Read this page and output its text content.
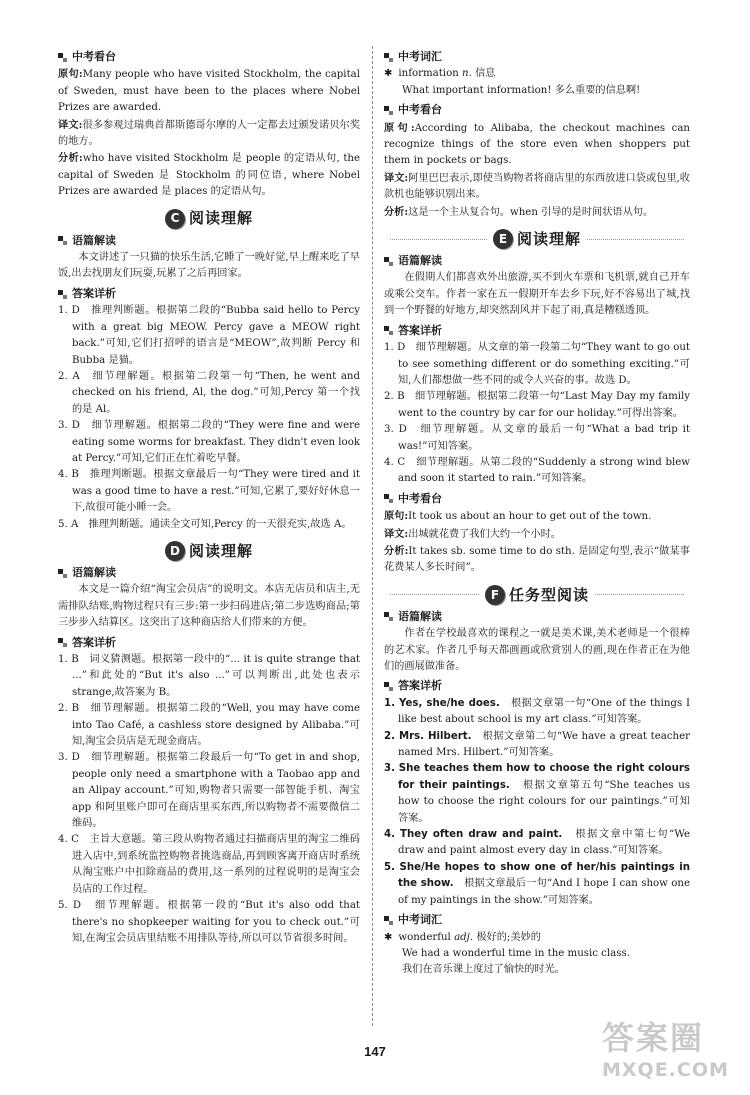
中考看台

原句:Many people who have visited Stockholm, the capital of Sweden, must have been to the places where Nobel Prizes are awarded.

译文:很多参观过瑞典首都斯德哥尔摩的人一定都去过颁发诺贝尔奖的地方。

分析:who have visited Stockholm 是 people 的定语从句, the capital of Sweden 是 Stockholm 的同位语, where Nobel Prizes are awarded 是 places 的定语从句。

C 阅读理解
语篇解读

本文讲述了一只猫的快乐生活,它睡了一晚好觉,早上醒来吃了早饭,出去找朋友们玩耍,玩累了之后再回家。

答案详析

1. D　推理判断题。根据第二段的“Bubba said hello to Percy with a great big MEOW. Percy gave a MEOW right back.”可知,它们打招呼的语言是“MEOW”,故判断 Percy 和 Bubba 是猫。

2. A　细节理解题。根据第二段第一句“Then, he went and checked on his friend, Al, the dog.”可知,Percy 第一个找的是 Al。

3. D　细节理解题。根据第二段的“They were fine and were eating some worms for breakfast. They didn't even look at Percy.”可知,它们正在忙着吃早餐。

4. B　推理判断题。根据文章最后一句“They were tired and it was a good time to have a rest.”可知,它累了,要好好休息一下,故很可能小睡一会。

5. A　推理判断题。通读全文可知,Percy 的一天很充实,故选 A。

D 阅读理解
语篇解读

本文是一篇介绍“淘宝会员店”的说明文。本店无店员和店主,无需排队结账,购物过程只有三步:第一步扫码进店;第二步选购商品;第三步步入结算区。这突出了这种商店给人们带来的方便。

答案详析

1. B　词义猜测题。根据第一段中的“... it is quite strange that ...”和此处的“But it's also ...”可以判断出,此处也表示 strange,故答案为 B。

2. B　细节理解题。根据第二段的“Well, you may have come into Tao Café, a cashless store designed by Alibaba.”可知,淘宝会员店是无现金商店。

3. D　细节理解题。根据第二段最后一句“To get in and shop, people only need a smartphone with a Taobao app and an Alipay account.”可知,购物者只需要一部智能手机、淘宝 app 和阿里账户即可在商店里买东西,所以购物者不需要微信二维码。

4. C　主旨大意题。第三段从购物者通过扫描商店里的淘宝二维码进入店中,到系统监控购物者挑选商品,再到顾客离开商店时系统从淘宝账户中扣除商品的费用,这一系列的过程说明的是淘宝会员店的工作过程。

5. D　细节理解题。根据第一段的“But it's also odd that there's no shopkeeper waiting for you to check out.”可知,在淘宝会员店里结账不用排队等待,所以可以节省很多时间。

中考词汇
✱ information n. 信息

What important information! 多么重要的信息啊!

中考看台

原句:According to Alibaba, the checkout machines can recognize things of the store even when shoppers put them in pockets or bags.

译文:阿里巴巴表示,即使当购物者将商店里的东西放进口袋或包里,收款机也能够识别出来。

分析:这是一个主从复合句。when 引导的是时间状语从句。

E 阅读理解
语篇解读

在假期人们都喜欢外出旅游,买不到火车票和飞机票,就自己开车或乘公交车。作者一家在五一假期开车去乡下玩,好不容易出了城,找到一个野餐的好地方,却突然刮风并下起了雨,真是糟糕透顶。

答案详析

1. D　细节理解题。从文章的第一段第二句“They want to go out to see something different or do something exciting.”可知,人们都想做一些不同的或令人兴奋的事。故选 D。

2. B　细节理解题。根据第二段第一句“Last May Day my family went to the country by car for our holiday.”可得出答案。

3. D　细节理解题。从文章的最后一句“What a bad trip it was!”可知答案。

4. C　细节理解题。从第二段的“Suddenly a strong wind blew and soon it started to rain.”可知答案。

中考看台

原句:It took us about an hour to get out of the town.

译文:出城就花费了我们大约一个小时。

分析:It takes sb. some time to do sth. 是固定句型,表示“做某事花费某人多长时间”。

F 任务型阅读
语篇解读

作者在学校最喜欢的课程之一就是美术课,美术老师是一个很棒的艺术家。作者几乎每天都画画或欣赏别人的画,现在作者正在为他们的画展做准备。

答案详析

1. Yes, she/he does.　根据文章第一句“One of the things I like best about school is my art class.”可知答案。

2. Mrs. Hilbert.　根据文章第二句“We have a great teacher named Mrs. Hilbert.”可知答案。

3. She teaches them how to choose the right colours for their paintings.　根据文章第五句“She teaches us how to choose the right colours for our paintings.”可知答案。

4. They often draw and paint.　根据文章中第七句“We draw and paint almost every day in class.”可知答案。

5. She/He hopes to show one of her/his paintings in the show.　根据文章最后一句“And I hope I can show one of my paintings in the show.”可知答案。

中考词汇
✱ wonderful adj. 极好的;美妙的

We had a wonderful time in the music class.

我们在音乐课上度过了愉快的时光。

147	答案圈
MXQE.COM
